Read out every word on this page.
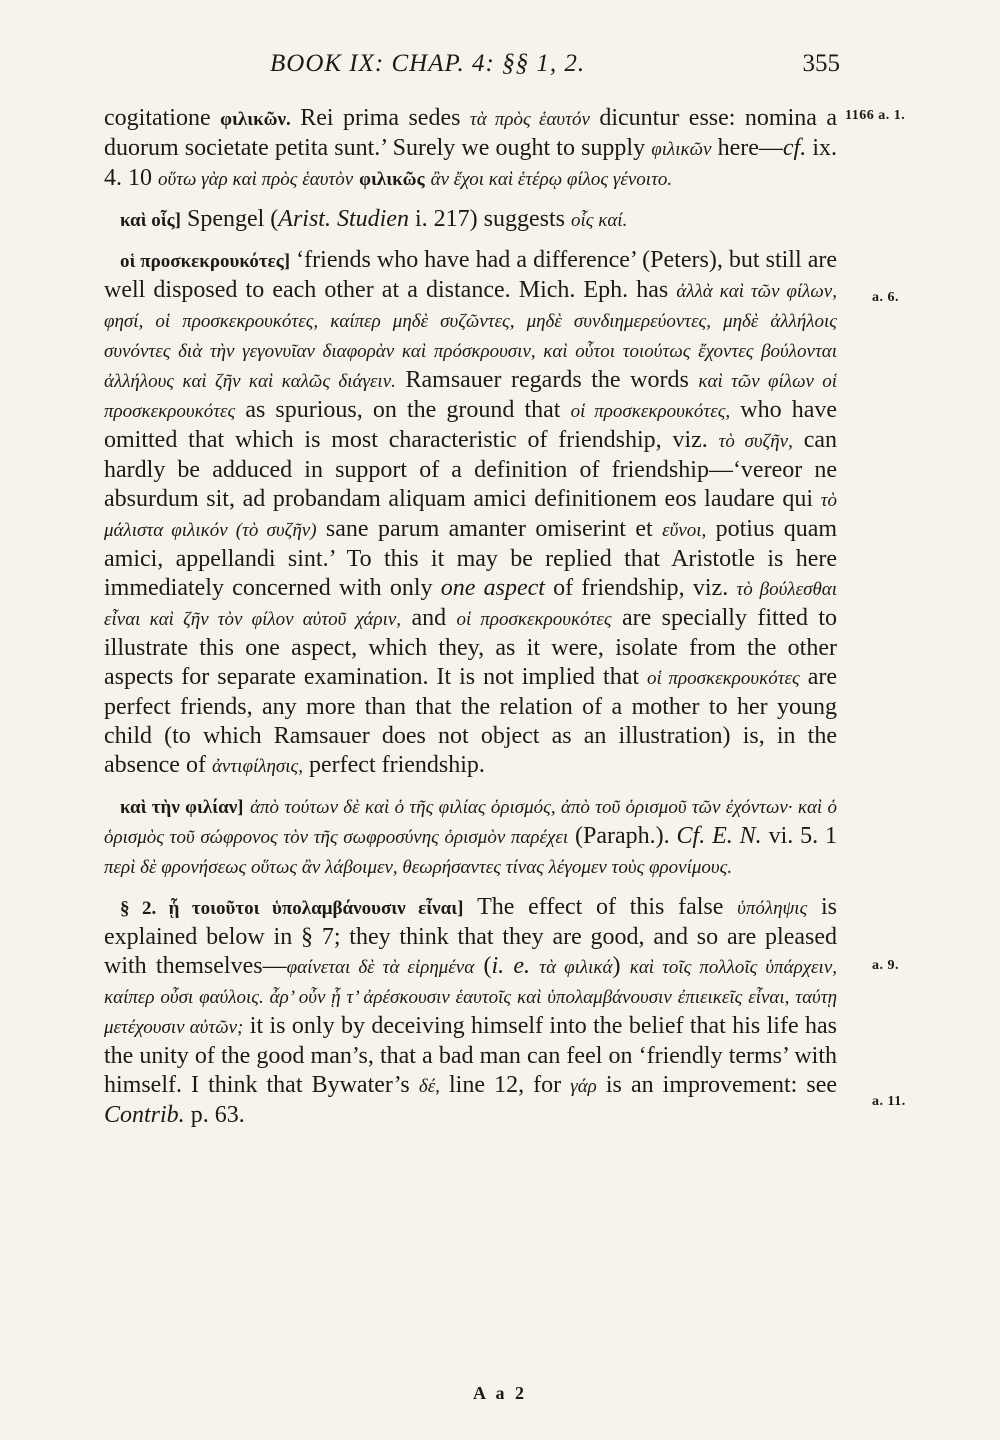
BOOK IX: CHAP. 4: §§ 1, 2.	355
1166 a. 1.
a. 6.
a. 9.
a. 11.

cogitatione φιλικῶν. Rei prima sedes τὰ πρὸς ἑαυτόν dicuntur esse: nomina a duorum societate petita sunt.’ Surely we ought to supply φιλικῶν here—cf. ix. 4. 10 οὕτω γὰρ καὶ πρὸς ἑαυτὸν φιλικῶς ἂν ἔχοι καὶ ἑτέρῳ φίλος γένοιτο.

καὶ οἷς] Spengel (Arist. Studien i. 217) suggests οἷς καί.

οἱ προσκεκρουκότες] ‘friends who have had a difference’ (Peters), but still are well disposed to each other at a distance. Mich. Eph. has ἀλλὰ καὶ τῶν φίλων, φησί, οἱ προσκεκρουκότες, καίπερ μηδὲ συζῶντες, μηδὲ συνδιημερεύοντες, μηδὲ ἀλλήλοις συνόντες διὰ τὴν γεγονυῖαν διαφορὰν καὶ πρόσκρουσιν, καὶ οὗτοι τοιούτως ἔχοντες βούλονται ἀλλήλους καὶ ζῆν καὶ καλῶς διάγειν. Ramsauer regards the words καὶ τῶν φίλων οἱ προσκεκρουκότες as spurious, on the ground that οἱ προσκεκρουκότες, who have omitted that which is most characteristic of friendship, viz. τὸ συζῆν, can hardly be adduced in support of a definition of friendship—‘vereor ne absurdum sit, ad probandam aliquam amici definitionem eos laudare qui τὸ μάλιστα φιλικόν (τὸ συζῆν) sane parum amanter omiserint et εὔνοι, potius quam amici, appellandi sint.’ To this it may be replied that Aristotle is here immediately concerned with only one aspect of friendship, viz. τὸ βούλεσθαι εἶναι καὶ ζῆν τὸν φίλον αὐτοῦ χάριν, and οἱ προσκεκρουκότες are specially fitted to illustrate this one aspect, which they, as it were, isolate from the other aspects for separate examination. It is not implied that οἱ προσκεκρουκότες are perfect friends, any more than that the relation of a mother to her young child (to which Ramsauer does not object as an illustration) is, in the absence of ἀντιφίλησις, perfect friendship.

καὶ τὴν φιλίαν] ἀπὸ τούτων δὲ καὶ ὁ τῆς φιλίας ὁρισμός, ἀπὸ τοῦ ὁρισμοῦ τῶν ἐχόντων· καὶ ὁ ὁρισμὸς τοῦ σώφρονος τὸν τῆς σωφροσύνης ὁρισμὸν παρέχει (Paraph.). Cf. E. N. vi. 5. 1 περὶ δὲ φρονήσεως οὕτως ἂν λάβοιμεν, θεωρήσαντες τίνας λέγομεν τοὺς φρονίμους.

§ 2. ᾗ τοιοῦτοι ὑπολαμβάνουσιν εἶναι] The effect of this false ὑπόληψις is explained below in § 7; they think that they are good, and so are pleased with themselves—φαίνεται δὲ τὰ εἰρημένα (i. e. τὰ φιλικά) καὶ τοῖς πολλοῖς ὑπάρχειν, καίπερ οὖσι φαύλοις. ἆρ’ οὖν ᾗ τ’ ἀρέσκουσιν ἑαυτοῖς καὶ ὑπολαμβάνουσιν ἐπιεικεῖς εἶναι, ταύτῃ μετέχουσιν αὐτῶν; it is only by deceiving himself into the belief that his life has the unity of the good man’s, that a bad man can feel on ‘friendly terms’ with himself. I think that Bywater’s δέ, line 12, for γάρ is an improvement: see Contrib. p. 63.

A a 2
